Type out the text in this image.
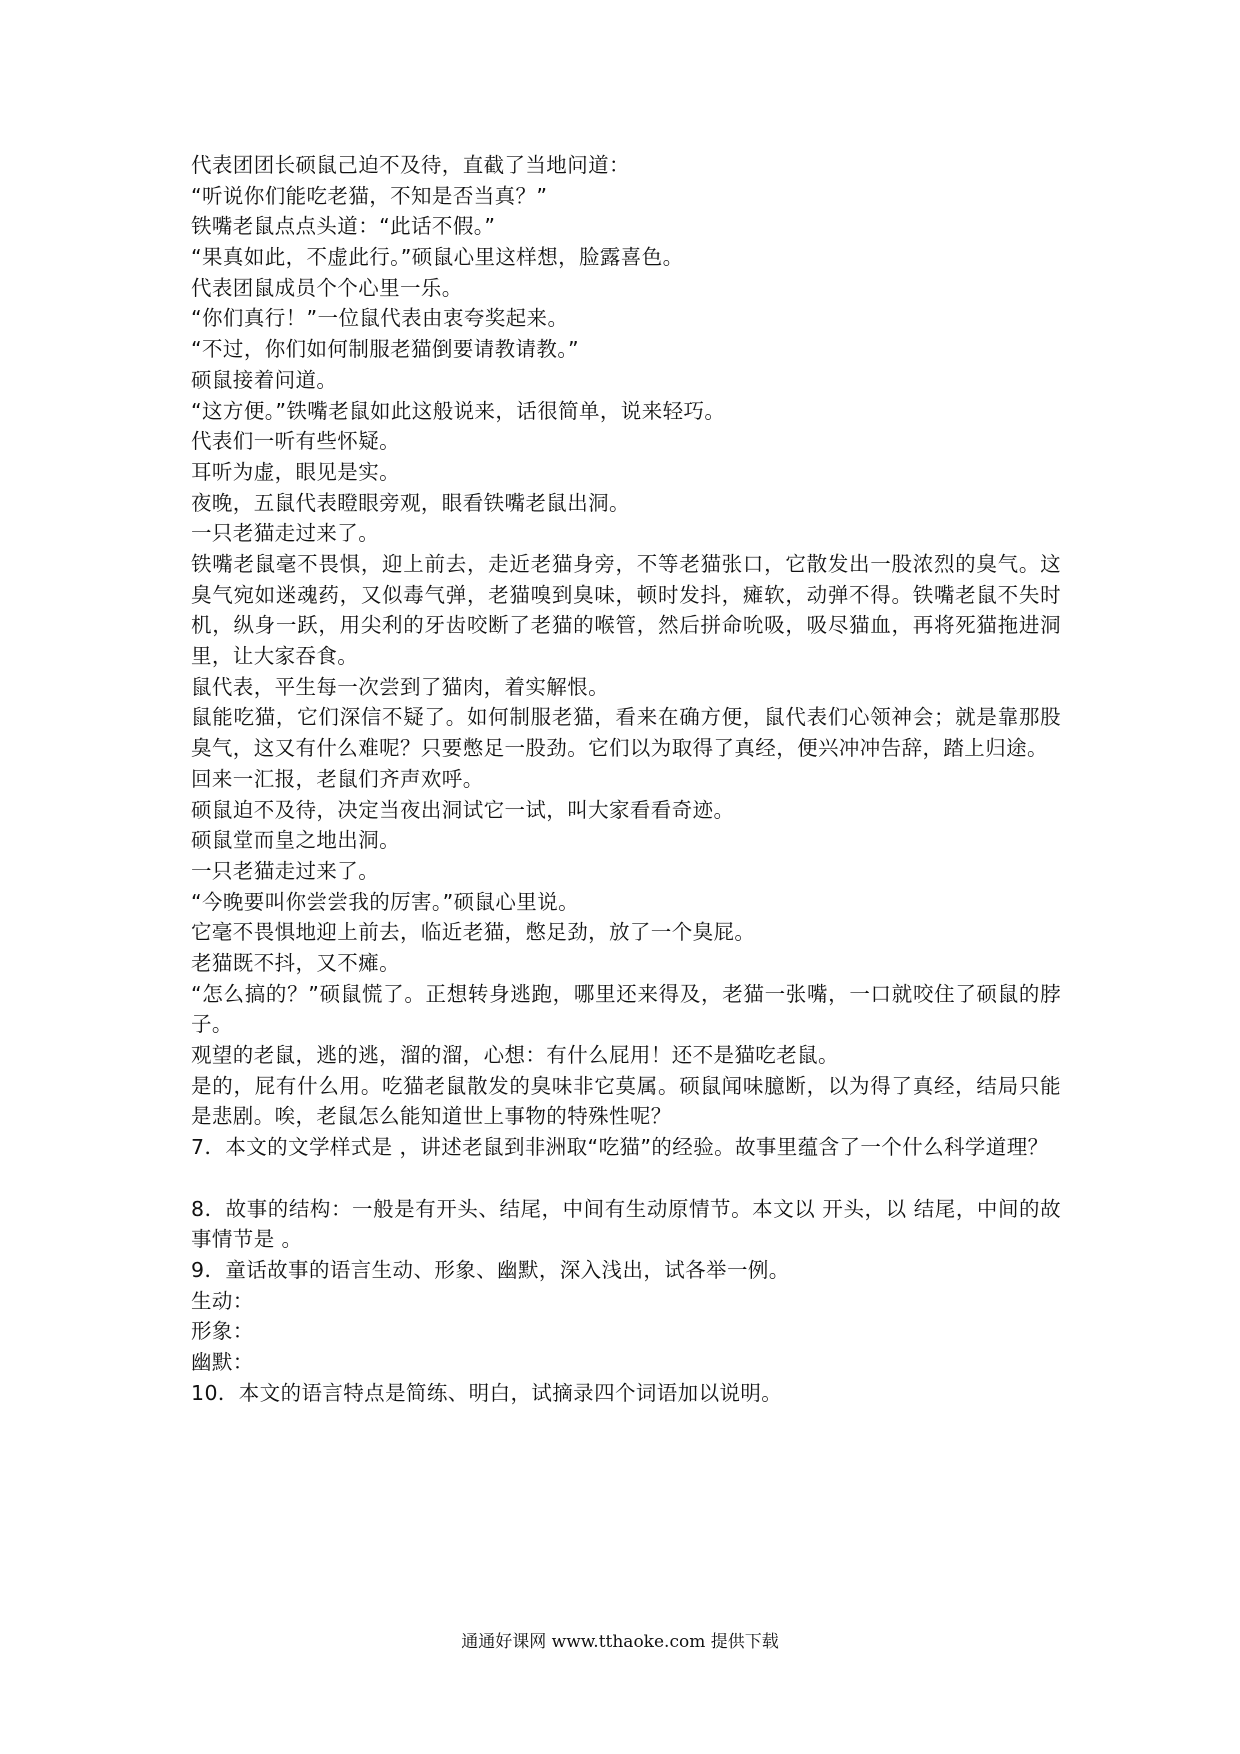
代表团团长硕鼠己迫不及待，直截了当地问道：
“听说你们能吃老猫，不知是否当真？”
铁嘴老鼠点点头道：“此话不假。”
“果真如此，不虚此行。”硕鼠心里这样想，脸露喜色。
代表团鼠成员个个心里一乐。
“你们真行！”一位鼠代表由衷夸奖起来。
“不过，你们如何制服老猫倒要请教请教。”
硕鼠接着问道。
“这方便。”铁嘴老鼠如此这般说来，话很简单，说来轻巧。
代表们一听有些怀疑。
耳听为虚，眼见是实。
夜晚，五鼠代表瞪眼旁观，眼看铁嘴老鼠出洞。
一只老猫走过来了。
铁嘴老鼠毫不畏惧，迎上前去，走近老猫身旁，不等老猫张口，它散发出一股浓烈的臭气。这臭气宛如迷魂药，又似毒气弹，老猫嗅到臭味，顿时发抖，瘫软，动弹不得。铁嘴老鼠不失时机，纵身一跃，用尖利的牙齿咬断了老猫的喉管，然后拼命吮吸，吸尽猫血，再将死猫拖进洞里，让大家吞食。
鼠代表，平生每一次尝到了猫肉，着实解恨。
鼠能吃猫，它们深信不疑了。如何制服老猫，看来在确方便，鼠代表们心领神会；就是靠那股臭气，这又有什么难呢？只要憋足一股劲。它们以为取得了真经，便兴冲冲告辞，踏上归途。
回来一汇报，老鼠们齐声欢呼。
硕鼠迫不及待，决定当夜出洞试它一试，叫大家看看奇迹。
硕鼠堂而皇之地出洞。
一只老猫走过来了。
“今晚要叫你尝尝我的厉害。”硕鼠心里说。
它毫不畏惧地迎上前去，临近老猫，憋足劲，放了一个臭屁。
老猫既不抖，又不瘫。
“怎么搞的？”硕鼠慌了。正想转身逃跑，哪里还来得及，老猫一张嘴，一口就咬住了硕鼠的脖子。
观望的老鼠，逃的逃，溜的溜，心想：有什么屁用！还不是猫吃老鼠。
是的，屁有什么用。吃猫老鼠散发的臭味非它莫属。硕鼠闻味臆断，以为得了真经，结局只能是悲剧。唉，老鼠怎么能知道世上事物的特殊性呢？
7．本文的文学样式是 ，讲述老鼠到非洲取“吃猫”的经验。故事里蕴含了一个什么科学道理？
8．故事的结构：一般是有开头、结尾，中间有生动原情节。本文以 开头，以 结尾，中间的故事情节是 。
9．童话故事的语言生动、形象、幽默，深入浅出，试各举一例。
生动：
形象：
幽默：
10．本文的语言特点是简练、明白，试摘录四个词语加以说明。
通通好课网 www.tthaoke.com 提供下载
